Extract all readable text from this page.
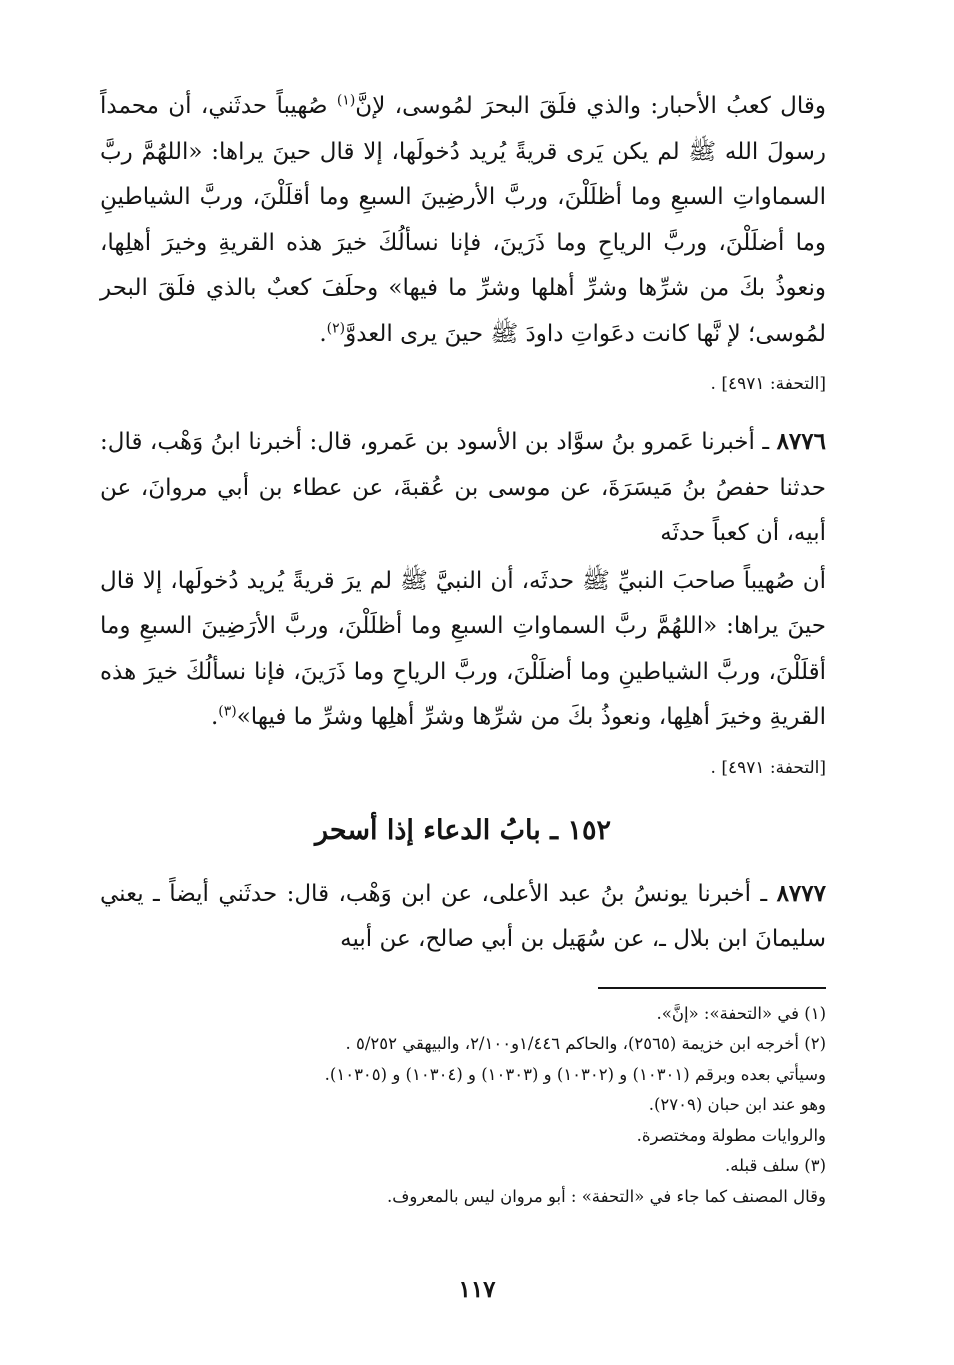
وقال كعبُ الأحبار: والذي فلَقَ البحرَ لمُوسى، لإنَّ$^{(١)}$ صُهيباً حدثَني، أن محمداً رسولَ الله ﷺ لم يكن يَرى قريةً يُريد دُخولَها، إلا قال حينَ يراها: «اللهُمَّ ربَّ السماواتِ السبعِ وما أظلَلْنَ، وربَّ الأرضِينَ السبعِ وما أقلَلْنَ، وربَّ الشياطينِ وما أضلَلْنَ، وربَّ الرياحِ وما ذَرَينَ، فإنا نسألُكَ خيرَ هذه القريةِ وخيرَ أهلِها، ونعوذُ بكَ من شرِّها وشرِّ أهلها وشرِّ ما فيها» وحلَفَ كعبٌ بالذي فلَقَ البحر لمُوسى؛ لإ نَّها كانت دعَواتِ داودَ ﷺ حينَ يرى العدوَّ$^{(٢)}$.

[التحفة: ٤٩٧١] .

٨٧٧٦ ـ أخبرنا عَمرو بنُ سوَّاد بن الأسود بن عَمرو، قال: أخبرنا ابنُ وَهْب، قال: حدثنا حفصُ بنُ مَيسَرَةَ، عن موسى بن عُقبةَ، عن عطاء بن أبي مروانَ، عن أبيه، أن كعباً حدثَه

أن صُهيباً صاحبَ النبيِّ ﷺ حدثَه، أن النبيَّ ﷺ لم يرَ قريةً يُريد دُخولَها، إلا قال حينَ يراها: «اللهُمَّ ربَّ السماواتِ السبعِ وما أظلَلْنَ، وربَّ الأرَضِينَ السبعِ وما أقلَلْنَ، وربَّ الشياطينِ وما أضلَلْنَ، وربَّ الرياحِ وما ذَرَينَ، فإنا نسألُكَ خيرَ هذه القريةِ وخيرَ أهلِها، ونعوذُ بكَ من شرِّها وشرِّ أهلِها وشرِّ ما فيها»$^{(٣)}$.

[التحفة: ٤٩٧١] .

١٥٢ ـ بابُ الدعاء إذا أسحر

٨٧٧٧ ـ أخبرنا يونسُ بنُ عبد الأعلى، عن ابن وَهْب، قال: حدثَني أيضاً ـ يعني سليمانَ ابن بلال ـ، عن سُهَيل بن أبي صالح، عن أبيه

(١) في «التحفة»: «إنَّ».

(٢) أخرجه ابن خزيمة (٢٥٦٥)، والحاكم ١/٤٤٦و٢/١٠٠، والبيهقي ٥/٢٥٢ .

وسيأتي بعده وبرقم (١٠٣٠١) و (١٠٣٠٢) و (١٠٣٠٣) و (١٠٣٠٤) و (١٠٣٠٥).

وهو عند ابن حبان (٢٧٠٩).

والروايات مطولة ومختصرة.

(٣) سلف قبله.

وقال المصنف كما جاء في «التحفة» : أبو مروان ليس بالمعروف.

١١٧
